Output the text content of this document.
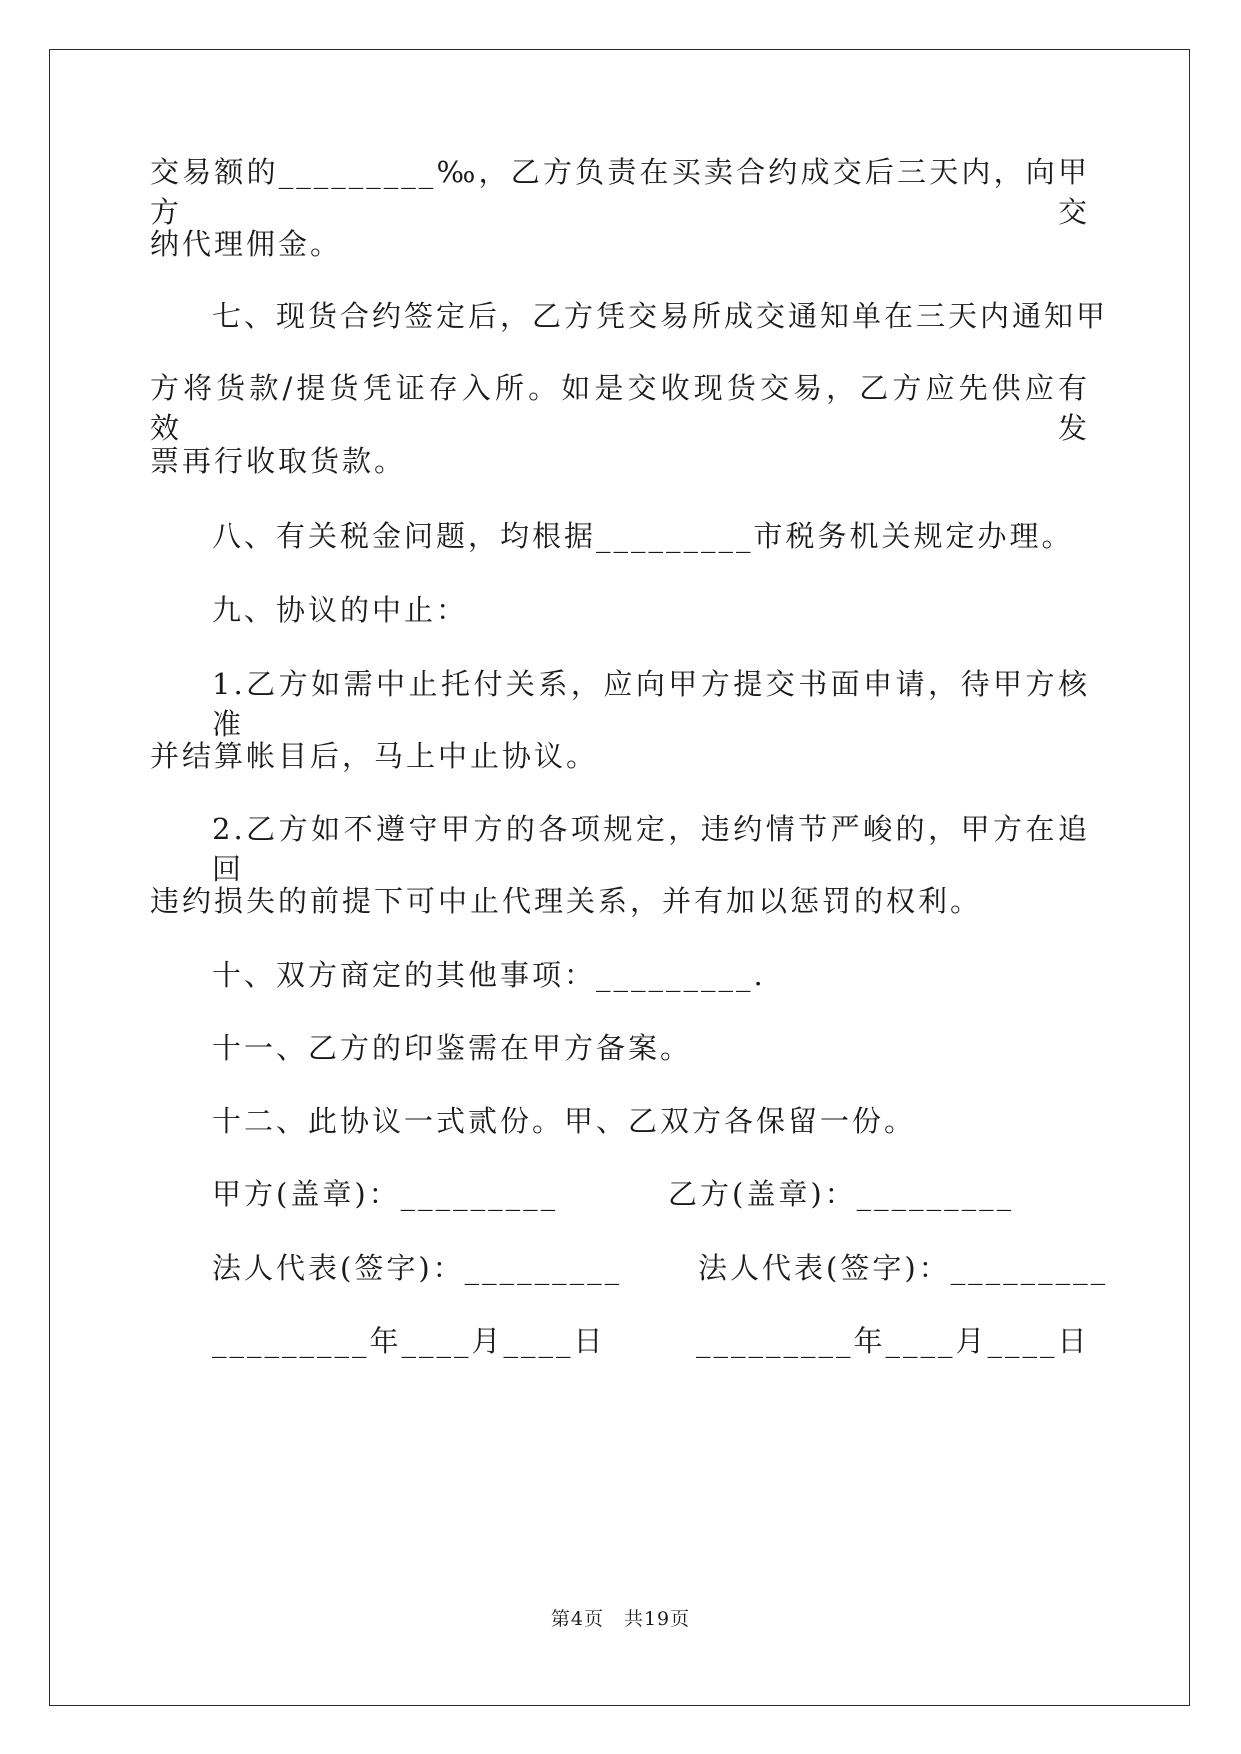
交易额的_________‰，乙方负责在买卖合约成交后三天内，向甲方交
纳代理佣金。
七、现货合约签定后，乙方凭交易所成交通知单在三天内通知甲
方将货款/提货凭证存入所。如是交收现货交易，乙方应先供应有效发
票再行收取货款。
八、有关税金问题，均根据_________市税务机关规定办理。
九、协议的中止：
1.乙方如需中止托付关系，应向甲方提交书面申请，待甲方核准
并结算帐目后，马上中止协议。
2.乙方如不遵守甲方的各项规定，违约情节严峻的，甲方在追回
违约损失的前提下可中止代理关系，并有加以惩罚的权利。
十、双方商定的其他事项：_________.
十一、乙方的印鉴需在甲方备案。
十二、此协议一式贰份。甲、乙双方各保留一份。
甲方(盖章)：_________	乙方(盖章)：_________
法人代表(签字)：_________	法人代表(签字)：_________
_________年____月____日	_________年____月____日
第4页　共19页
